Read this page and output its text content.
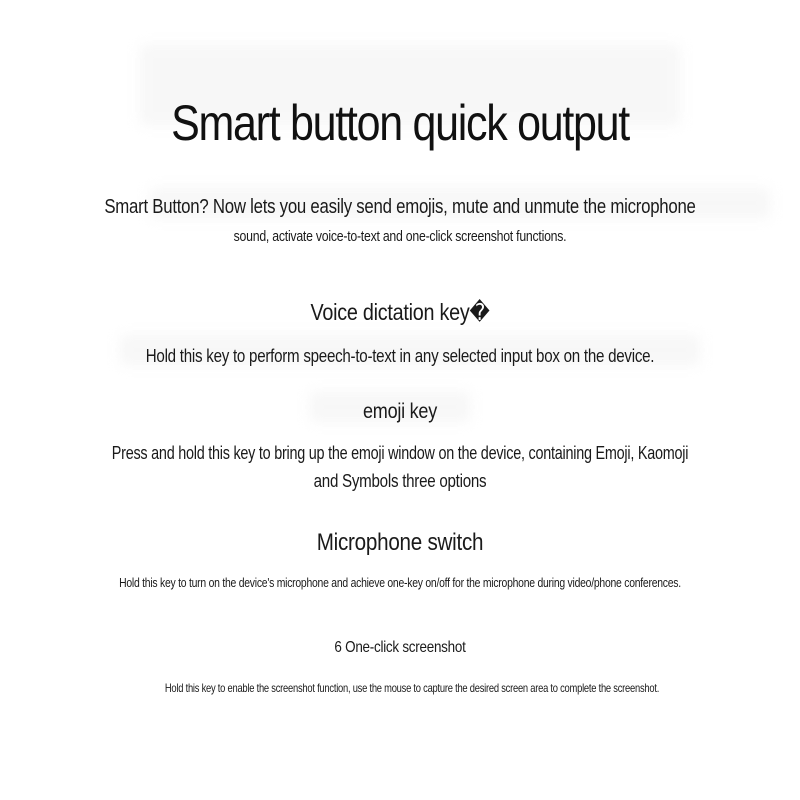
Smart button quick output
Smart Button? Now lets you easily send emojis, mute and unmute the microphone
sound, activate voice-to-text and one-click screenshot functions.
Voice dictation key�
Hold this key to perform speech-to-text in any selected input box on the device.
emoji key
Press and hold this key to bring up the emoji window on the device, containing Emoji, Kaomoji
and Symbols three options
Microphone switch
Hold this key to turn on the device's microphone and achieve one-key on/off for the microphone during video/phone conferences.
6 One-click screenshot
Hold this key to enable the screenshot function, use the mouse to capture the desired screen area to complete the screenshot.
